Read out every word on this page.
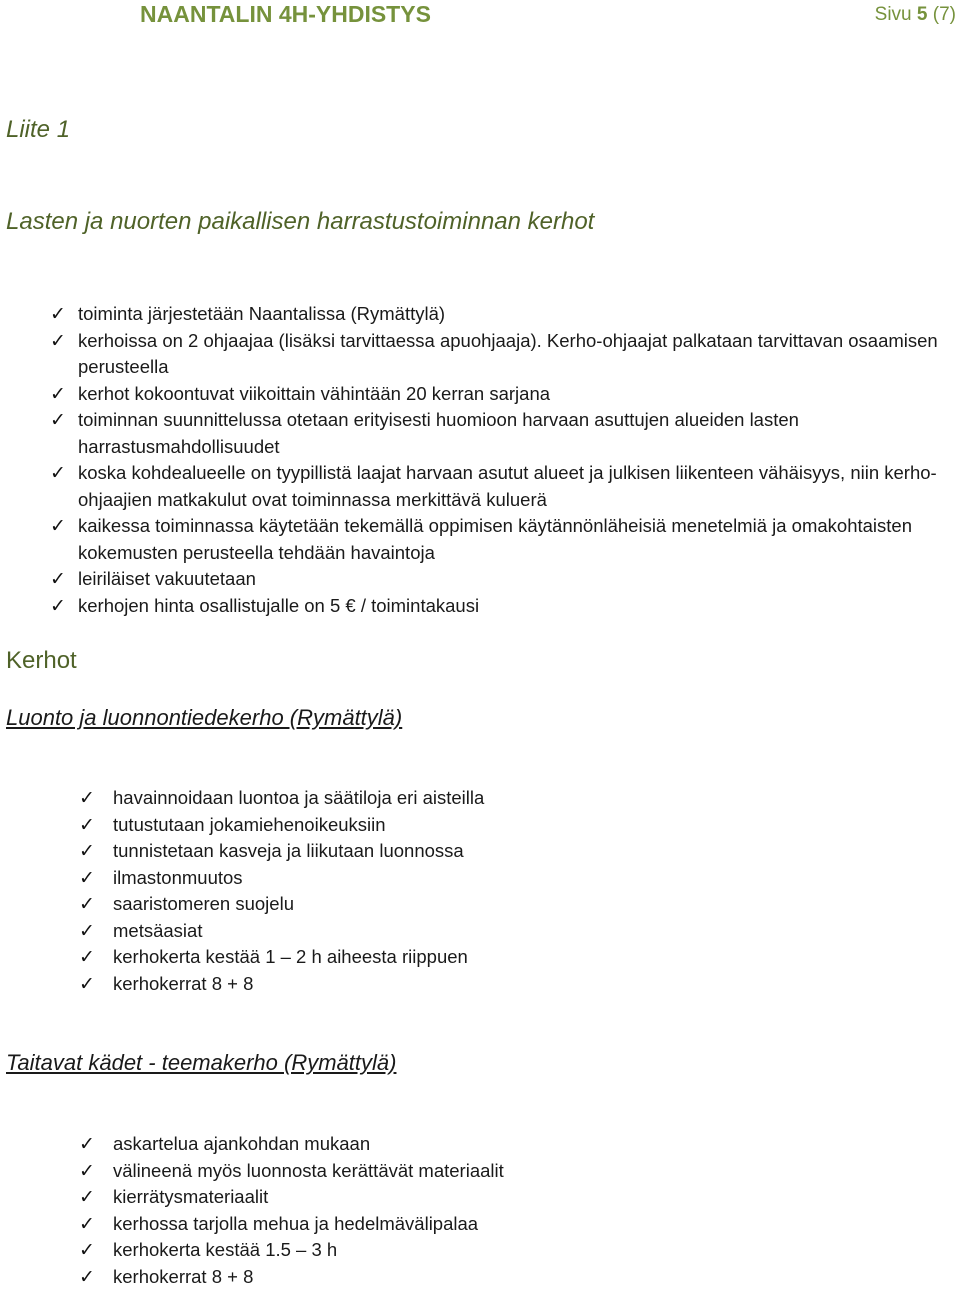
NAANTALIN 4H-YHDISTYS	Sivu 5 (7)
Liite 1
Lasten ja nuorten paikallisen harrastustoiminnan kerhot
✓ toiminta järjestetään Naantalissa (Rymättylä)
✓ kerhoissa on 2 ohjaajaa (lisäksi tarvittaessa apuohjaaja). Kerho-ohjaajat palkataan tarvittavan osaamisen perusteella
✓ kerhot kokoontuvat viikoittain vähintään 20 kerran sarjana
✓ toiminnan suunnittelussa otetaan erityisesti huomioon harvaan asuttujen alueiden lasten harrastusmahdollisuudet
✓ koska kohdealueelle on tyypillistä laajat harvaan asutut alueet ja julkisen liikenteen vähäisyys, niin kerho-ohjaajien matkakulut ovat toiminnassa merkittävä kuluerä
✓ kaikessa toiminnassa käytetään tekemällä oppimisen käytännönläheisiä menetelmiä ja omakohtaisten kokemusten perusteella tehdään havaintoja
✓ leiriläiset vakuutetaan
✓ kerhojen hinta osallistujalle on 5 € / toimintakausi
Kerhot
Luonto ja luonnontiedekerho (Rymättylä)
✓ havainnoidaan luontoa ja säätiloja eri aisteilla
✓ tutustutaan jokamiehenoikeuksiin
✓ tunnistetaan kasveja ja liikutaan luonnossa
✓ ilmastonmuutos
✓ saaristomeren suojelu
✓ metsäasiat
✓ kerhokerta kestää 1 – 2 h aiheesta riippuen
✓ kerhokerrat 8 + 8
Taitavat kädet - teemakerho (Rymättylä)
✓ askartelua ajankohdan mukaan
✓ välineenä myös luonnosta kerättävät materiaalit
✓ kierrätysmateriaalit
✓ kerhossa tarjolla mehua ja hedelmävälipalaa
✓ kerhokerta kestää 1.5 – 3 h
✓ kerhokerrat 8 + 8
